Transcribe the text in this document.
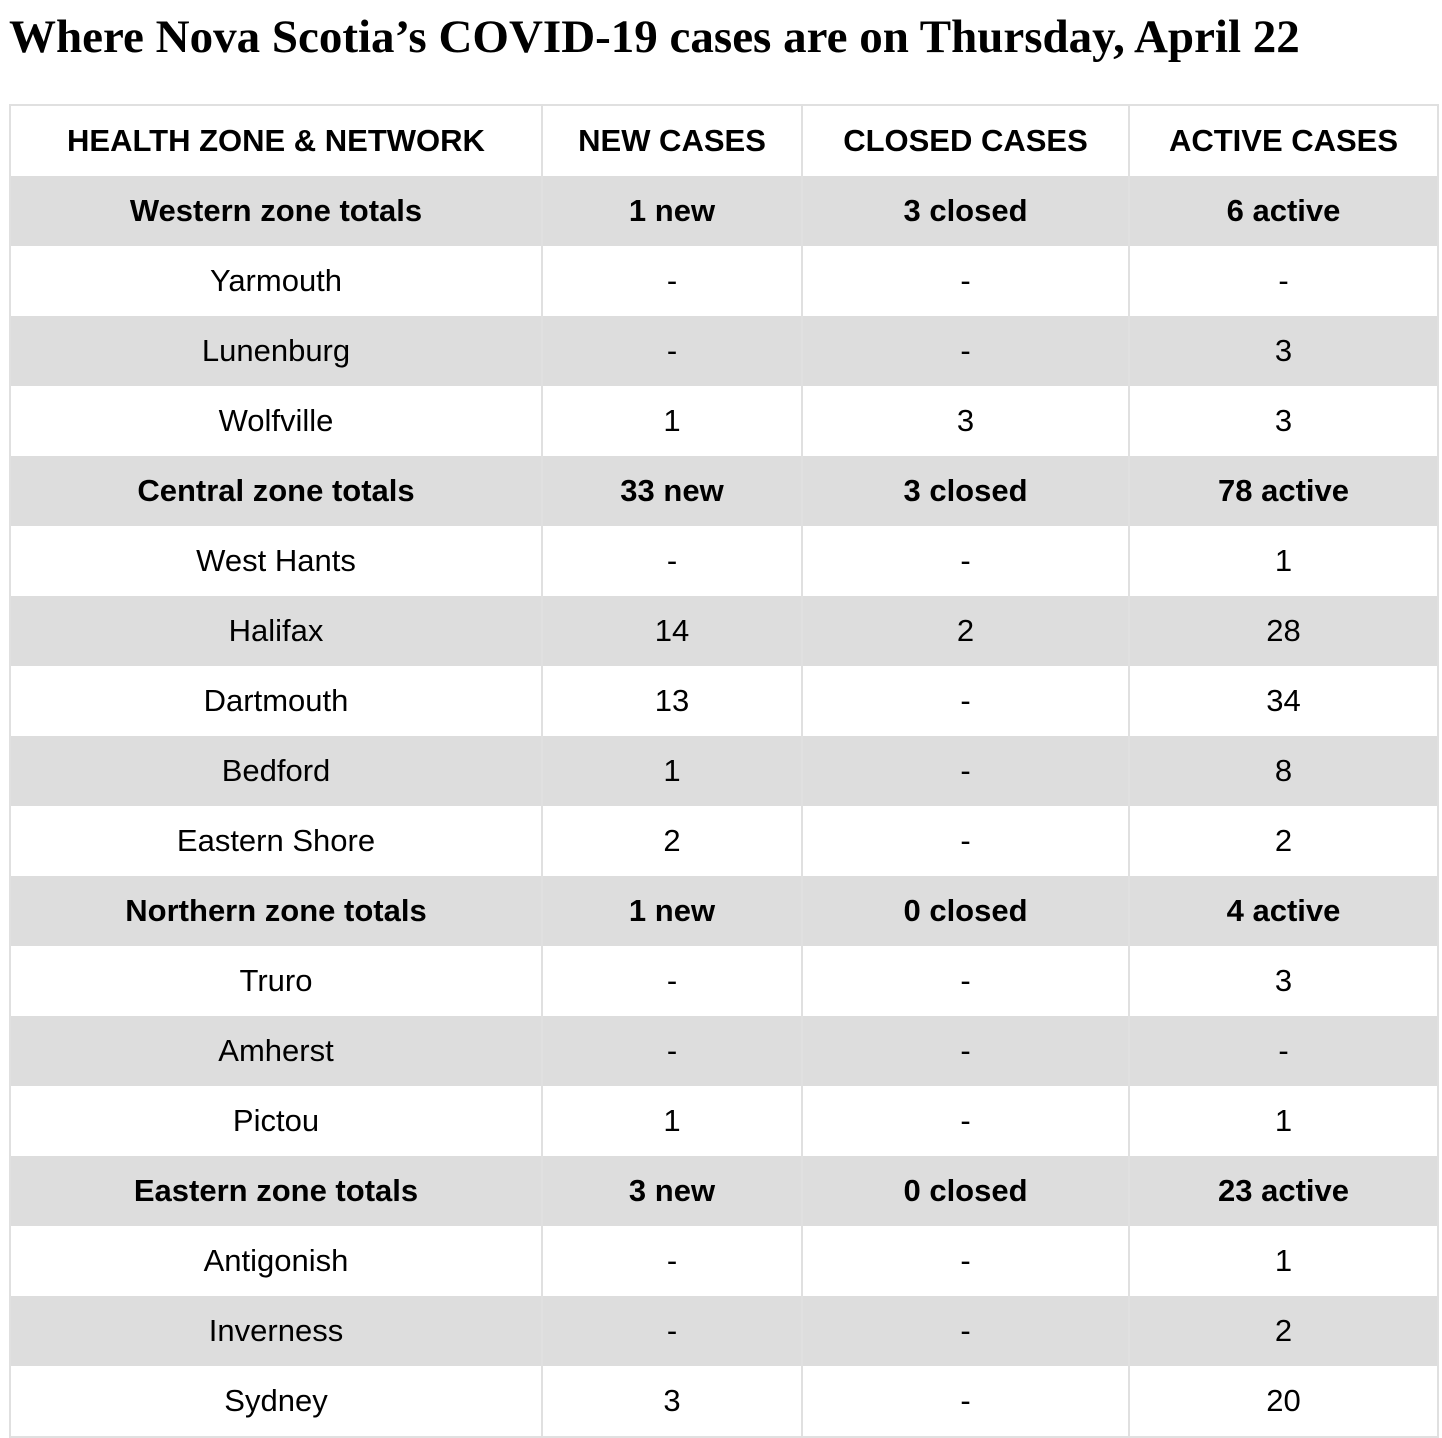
Where Nova Scotia’s COVID-19 cases are on Thursday, April 22
HEALTH ZONE & NETWORK	NEW CASES	CLOSED CASES	ACTIVE CASES
Western zone totals	1 new	3 closed	6 active
Yarmouth	-	-	-
Lunenburg	-	-	3
Wolfville	1	3	3
Central zone totals	33 new	3 closed	78 active
West Hants	-	-	1
Halifax	14	2	28
Dartmouth	13	-	34
Bedford	1	-	8
Eastern Shore	2	-	2
Northern zone totals	1 new	0 closed	4 active
Truro	-	-	3
Amherst	-	-	-
Pictou	1	-	1
Eastern zone totals	3 new	0 closed	23 active
Antigonish	-	-	1
Inverness	-	-	2
Sydney	3	-	20
